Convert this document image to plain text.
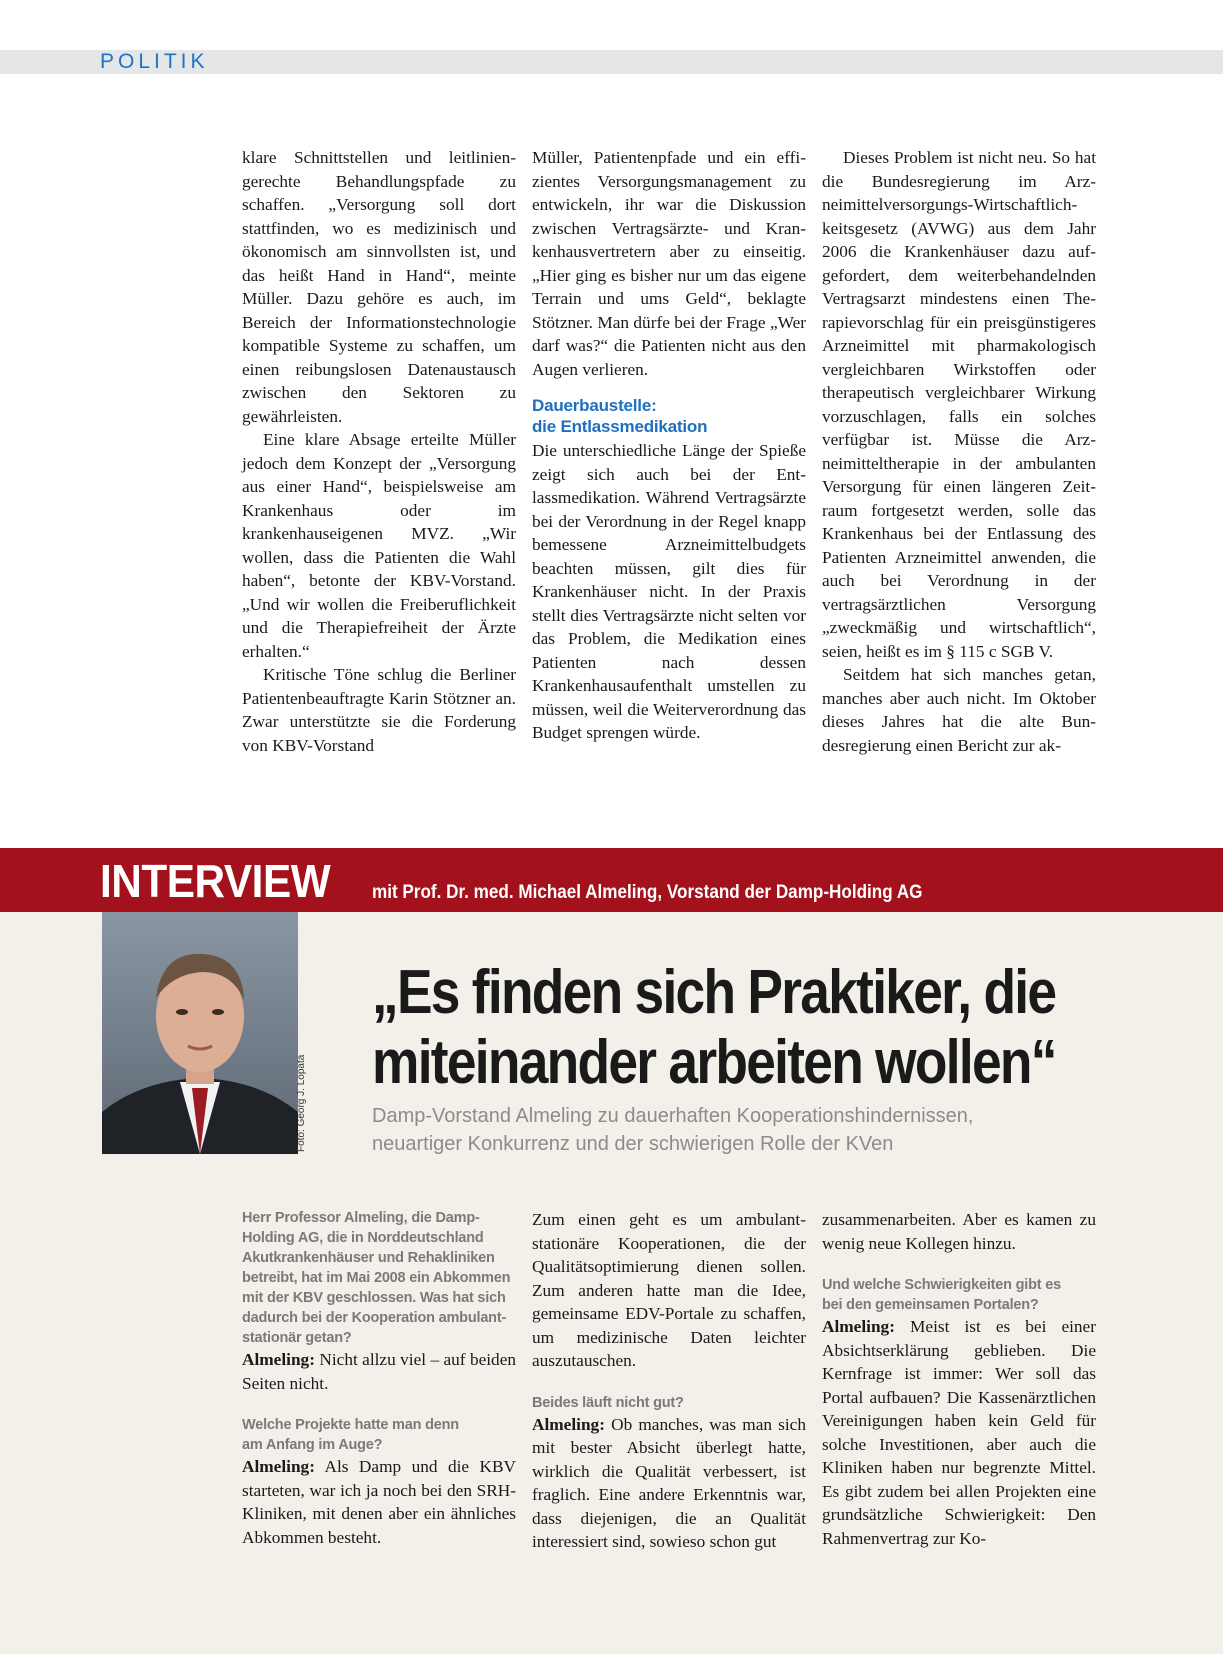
POLITIK

klare Schnittstellen und leitliniengerechte Behandlungspfade zu schaffen. „Versorgung soll dort stattfinden, wo es medizinisch und ökonomisch am sinnvollsten ist, und das heißt Hand in Hand“, meinte Müller. Dazu gehöre es auch, im Bereich der Informationstechnologie kompatible Systeme zu schaffen, um einen reibungslosen Datenaustausch zwischen den Sektoren zu gewährleisten.

Eine klare Absage erteilte Müller jedoch dem Konzept der „Versorgung aus einer Hand“, beispielsweise am Krankenhaus oder im krankenhauseigenen MVZ. „Wir wollen, dass die Patienten die Wahl haben“, betonte der KBV-Vorstand. „Und wir wollen die Freiberuflichkeit und die Therapiefreiheit der Ärzte erhalten.“

Kritische Töne schlug die Berliner Patientenbeauftragte Karin Stötzner an. Zwar unterstützte sie die Forderung von KBV-Vorstand

Müller, Patientenpfade und ein effizientes Versorgungsmanagement zu entwickeln, ihr war die Diskussion zwischen Vertragsärzte- und Krankenhausvertretern aber zu einseitig. „Hier ging es bisher nur um das eigene Terrain und ums Geld“, beklagte Stötzner. Man dürfe bei der Frage „Wer darf was?“ die Patienten nicht aus den Augen verlieren.

Dauerbaustelle:
die Entlassmedikation

Die unterschiedliche Länge der Spieße zeigt sich auch bei der Entlassmedikation. Während Vertragsärzte bei der Verordnung in der Regel knapp bemessene Arzneimittelbudgets beachten müssen, gilt dies für Krankenhäuser nicht. In der Praxis stellt dies Vertragsärzte nicht selten vor das Problem, die Medikation eines Patienten nach dessen Krankenhausaufenthalt umstellen zu müssen, weil die Weiterverordnung das Budget sprengen würde.

Dieses Problem ist nicht neu. So hat die Bundesregierung im Arzneimittelversorgungs-Wirtschaftlichkeitsgesetz (AVWG) aus dem Jahr 2006 die Krankenhäuser dazu aufgefordert, dem weiterbehandelnden Vertragsarzt mindestens einen Therapievorschlag für ein preisgünstigeres Arzneimittel mit pharmakologisch vergleichbaren Wirkstoffen oder therapeutisch vergleichbarer Wirkung vorzuschlagen, falls ein solches verfügbar ist. Müsse die Arzneimitteltherapie in der ambulanten Versorgung für einen längeren Zeitraum fortgesetzt werden, solle das Krankenhaus bei der Entlassung des Patienten Arzneimittel anwenden, die auch bei Verordnung in der vertragsärztlichen Versorgung „zweckmäßig und wirtschaftlich“, seien, heißt es im § 115 c SGB V.

Seitdem hat sich manches getan, manches aber auch nicht. Im Oktober dieses Jahres hat die alte Bundesregierung einen Bericht zur ak-

INTERVIEW mit Prof. Dr. med. Michael Almeling, Vorstand der Damp-Holding AG
Foto: Georg J. Lopata
„Es finden sich Praktiker, die
miteinander arbeiten wollen“
Damp-Vorstand Almeling zu dauerhaften Kooperationshindernissen,
neuartiger Konkurrenz und der schwierigen Rolle der KVen

Herr Professor Almeling, die Damp-Holding AG, die in Norddeutschland Akutkrankenhäuser und Rehakliniken betreibt, hat im Mai 2008 ein Abkommen mit der KBV geschlossen. Was hat sich dadurch bei der Kooperation ambulant-stationär getan?

Almeling: Nicht allzu viel – auf beiden Seiten nicht.

Welche Projekte hatte man denn
am Anfang im Auge?

Almeling: Als Damp und die KBV starteten, war ich ja noch bei den SRH-Kliniken, mit denen aber ein ähnliches Abkommen besteht.

Zum einen geht es um ambulant-stationäre Kooperationen, die der Qualitätsoptimierung dienen sollen. Zum anderen hatte man die Idee, gemeinsame EDV-Portale zu schaffen, um medizinische Daten leichter auszutauschen.

Beides läuft nicht gut?

Almeling: Ob manches, was man sich mit bester Absicht überlegt hatte, wirklich die Qualität verbessert, ist fraglich. Eine andere Erkenntnis war, dass diejenigen, die an Qualität interessiert sind, sowieso schon gut

zusammenarbeiten. Aber es kamen zu wenig neue Kollegen hinzu.

Und welche Schwierigkeiten gibt es
bei den gemeinsamen Portalen?

Almeling: Meist ist es bei einer Absichtserklärung geblieben. Die Kernfrage ist immer: Wer soll das Portal aufbauen? Die Kassenärztlichen Vereinigungen haben kein Geld für solche Investitionen, aber auch die Kliniken haben nur begrenzte Mittel. Es gibt zudem bei allen Projekten eine grundsätzliche Schwierigkeit: Den Rahmenvertrag zur Ko-
